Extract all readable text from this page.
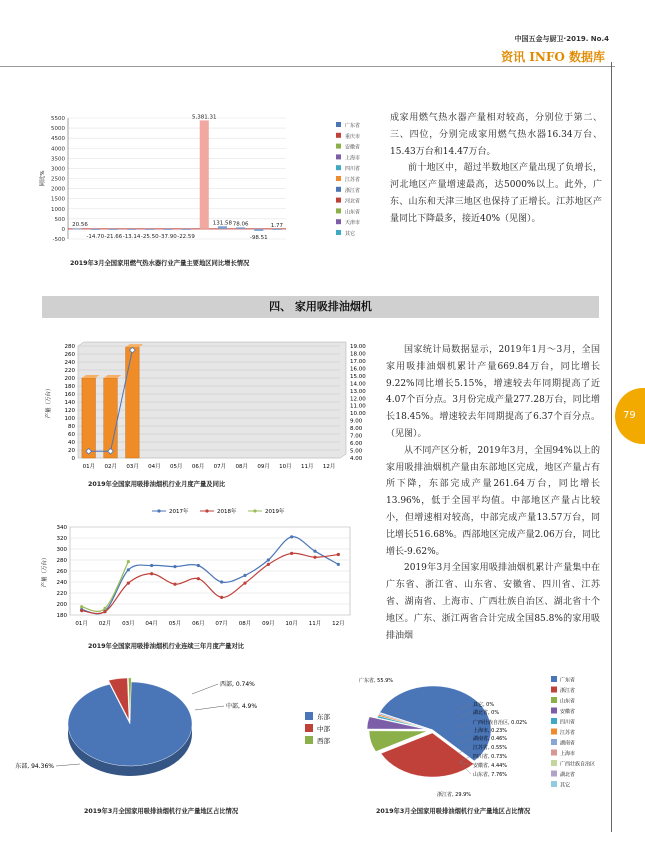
中国五金与厨卫·2019. No.4
资讯 INFO 数据库
79
5500
5000
4500
4000
3500
3000
2500
2000
1500
1000
500
0
-500
同比%
20.56
-14.70 -21.66 -13.14 -25.50 -37.90 -22.59
5,381.31
131.58 78.06
-98.51
1.77
广东省
重庆市
安徽省
上海市
四川省
江苏省
浙江省
河北省
山东省
天津市
其它
2019年3月全国家用燃气热水器行业产量主要地区同比增长情况

成家用燃气热水器产量相对较高，分别位于第二、三、四位，分别完成家用燃气热水器16.34万台、15.43万台和14.47万台。

前十地区中，超过半数地区产量出现了负增长，河北地区产量增速最高，达5000%以上。此外，广东、山东和天津三地区也保持了正增长。江苏地区产量同比下降最多，接近40%（见图）。

四、 家用吸排油烟机
280
260
240
220
200
180
160
140
120
100
80
60
40
20
0
19.00
18.00
17.00
16.00
15.00
14.00
13.00
12.00
11.00
10.00
9.00
8.00
7.00
6.00
5.00
4.00
产量（万台）
01月 02月 03月 04月 05月 06月 07月 08月 09月 10月 11月 12月
2019年全国家用吸排油烟机行业月度产量及同比
340
320
300
280
260
240
220
200
180
产量（万台）
01月 02月 03月 04月 05月 06月 07月 08月 09月 10月 11月 12月
2017年	2018年	2019年
2019年全国家用吸排油烟机行业连续三年月度产量对比

国家统计局数据显示，2019年1月～3月，全国家用吸排油烟机累计产量669.84万台，同比增长9.22%同比增长5.15%，增速较去年同期提高了近4.07个百分点。3月份完成产量277.28万台，同比增长18.45%。增速较去年同期提高了6.37个百分点。（见图）。

从不同产区分析，2019年3月，全国94%以上的家用吸排油烟机产量由东部地区完成，地区产量占有所下降，东部完成产量261.64万台，同比增长13.96%，低于全国平均值。中部地区产量占比较小，但增速相对较高，中部完成产量13.57万台，同比增长516.68%。西部地区完成产量2.06万台，同比增长-9.62%。

2019年3月全国家用吸排油烟机累计产量集中在广东省、浙江省、山东省、安徽省、四川省、江苏省、湖南省、上海市、广西壮族自治区、湖北省十个地区。广东、浙江两省合计完成全国85.8%的家用吸排油烟

东部, 94.36%
中部, 4.9%
西部, 0.74%
东部
中部
西部
2019年3月全国家用吸排油烟机行业产量地区占比情况
广东省, 55.9%
其它, 0%
湖北省, 0%
广西壮族自治区, 0.02%
上海市, 0.23%
湖南省, 0.46%
江苏省, 0.55%
四川省, 0.73%
安徽省, 4.44%
山东省, 7.76%
浙江省, 29.9%
广东省
浙江省
山东省
安徽省
四川省
江苏省
湖南省
上海市
广西壮族自治区
湖北省
其它
2019年3月全国家用吸排油烟机行业产量地区占比情况
